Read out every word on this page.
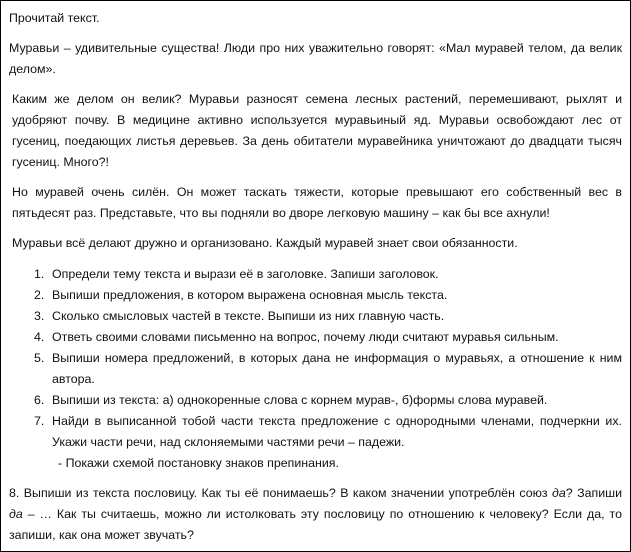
Прочитай текст.

Муравьи – удивительные существа! Люди про них уважительно говорят: «Мал муравей телом, да велик делом».

Каким же делом он велик? Муравьи разносят семена лесных растений, перемешивают, рыхлят и удобряют почву. В медицине активно используется муравьиный яд. Муравьи освобождают лес от гусениц, поедающих листья деревьев. За день обитатели муравейника уничтожают до двадцати тысяч гусениц. Много?!

Но муравей очень силён. Он может таскать тяжести, которые превышают его собственный вес в пятьдесят раз. Представьте, что вы подняли во дворе легковую машину – как бы все ахнули!

Муравьи всё делают дружно и организовано. Каждый муравей знает свои обязанности.

1. Определи тему текста и вырази её в заголовке. Запиши заголовок.
2. Выпиши предложения, в котором выражена основная мысль текста.
3. Сколько смысловых частей в тексте. Выпиши из них главную часть.
4. Ответь своими словами письменно на вопрос, почему люди считают муравья сильным.
5. Выпиши номера предложений, в которых дана не информация о муравьях, а отношение к ним автора.
6. Выпиши из текста: а) однокоренные слова с корнем мурав-, б)формы слова муравей.
7. Найди в выписанной тобой части текста предложение с однородными членами, подчеркни их. Укажи части речи, над склоняемыми частями речи – падежи.
- Покажи схемой постановку знаков препинания.

8. Выпиши из текста пословицу. Как ты её понимаешь? В каком значении употреблён союз да? Запиши да – … Как ты считаешь, можно ли истолковать эту пословицу по отношению к человеку? Если да, то запиши, как она может звучать?
